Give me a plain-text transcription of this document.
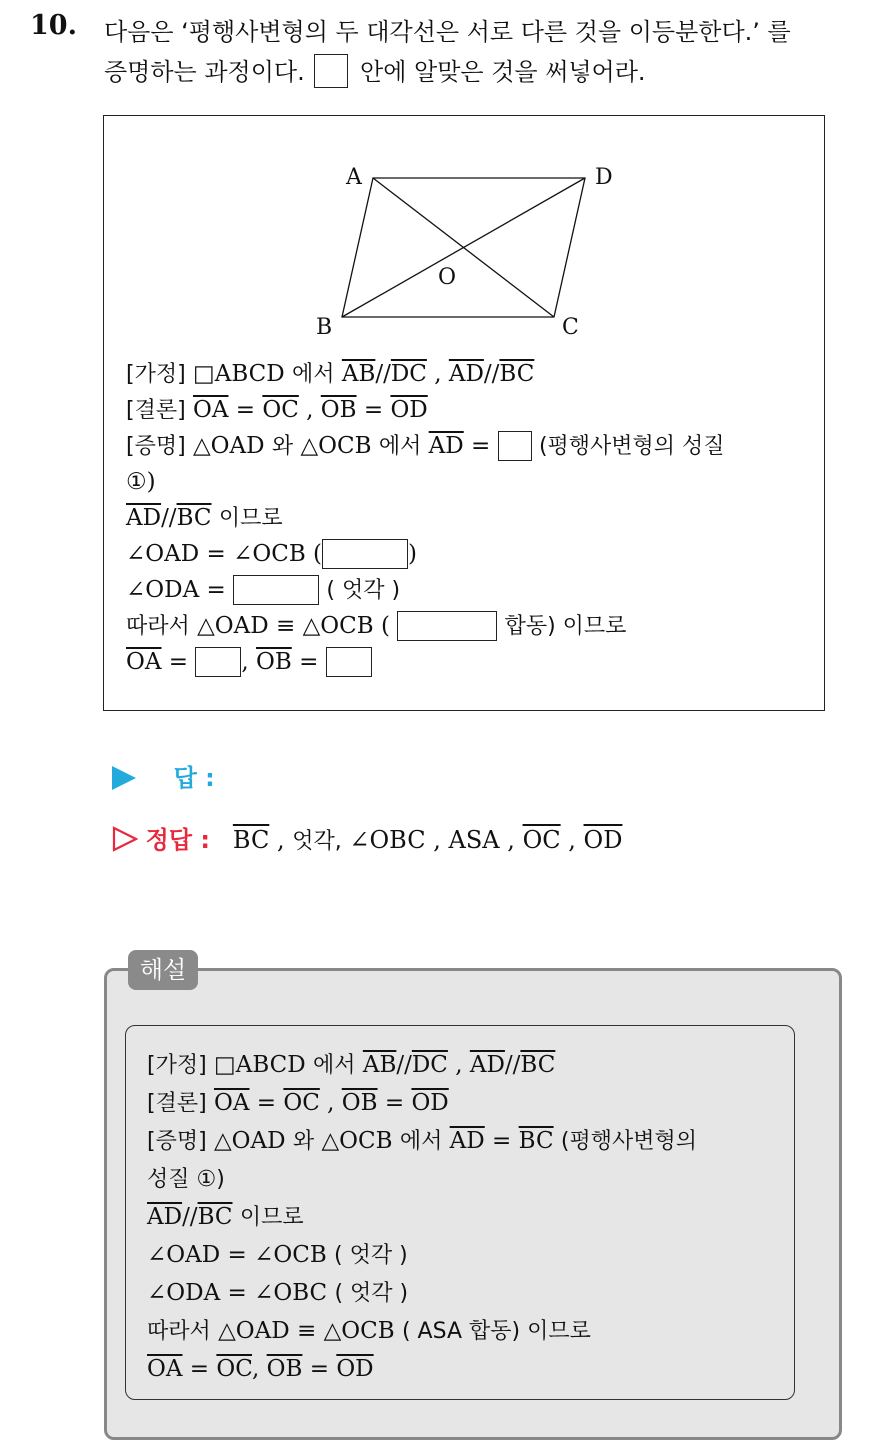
10. 다음은 ‘평행사변형의 두 대각선은 서로 다른 것을 이등분한다.’ 를
증명하는 과정이다. 안에 알맞은 것을 써넣어라.
A	D
B	C
O
[가정] □ABCD 에서 $\overline{AB}//\overline{DC}$ , $\overline{AD}//\overline{BC}$
[결론] $\overline{OA} = \overline{OC}$ , $\overline{OB} = \overline{OD}$
[증명] △OAD 와 △OCB 에서 $\overline{AD}$ = (평행사변형의 성질
①)
$\overline{AD}//\overline{BC}$ 이므로
∠OAD = ∠OCB (	)
∠ODA =	( 엇각 )
따라서 △OAD ≡ △OCB (	합동) 이므로
$\overline{OA}$ = , $\overline{OB}$ =
답 :
정답 : $\overline{BC}$ , 엇각, ∠OBC , ASA , $\overline{OC}$ , $\overline{OD}$
해설
[가정] □ABCD 에서 $\overline{AB}//\overline{DC}$ , $\overline{AD}//\overline{BC}$
[결론] $\overline{OA} = \overline{OC}$ , $\overline{OB} = \overline{OD}$
[증명] △OAD 와 △OCB 에서 $\overline{AD} = \overline{BC}$ (평행사변형의
성질 ①)
$\overline{AD}//\overline{BC}$ 이므로
∠OAD = ∠OCB ( 엇각 )
∠ODA = ∠OBC ( 엇각 )
따라서 △OAD ≡ △OCB ( ASA 합동) 이므로
$\overline{OA} = \overline{OC}$, $\overline{OB} = \overline{OD}$
